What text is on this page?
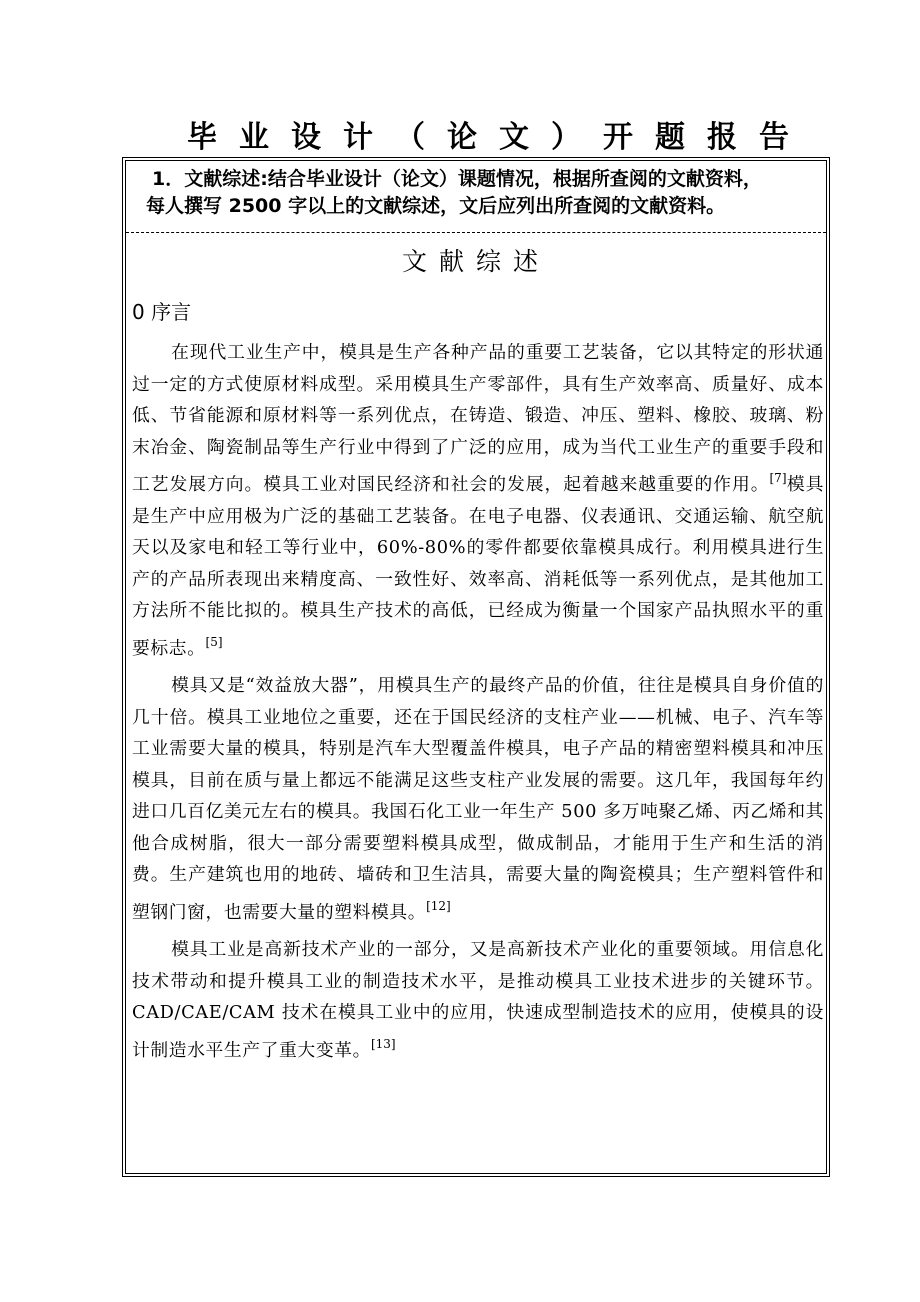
毕业设计（论文）开题报告
1．文献综述:结合毕业设计（论文）课题情况，根据所查阅的文献资料，
每人撰写 2500 字以上的文献综述，文后应列出所查阅的文献资料。
文献综述
0 序言

在现代工业生产中，模具是生产各种产品的重要工艺装备，它以其特定的形状通过一定的方式使原材料成型。采用模具生产零部件，具有生产效率高、质量好、成本低、节省能源和原材料等一系列优点，在铸造、锻造、冲压、塑料、橡胶、玻璃、粉末冶金、陶瓷制品等生产行业中得到了广泛的应用，成为当代工业生产的重要手段和工艺发展方向。模具工业对国民经济和社会的发展，起着越来越重要的作用。[7]模具是生产中应用极为广泛的基础工艺装备。在电子电器、仪表通讯、交通运输、航空航天以及家电和轻工等行业中，60%-80%的零件都要依靠模具成行。利用模具进行生产的产品所表现出来精度高、一致性好、效率高、消耗低等一系列优点，是其他加工方法所不能比拟的。模具生产技术的高低，已经成为衡量一个国家产品执照水平的重要标志。[5]

模具又是“效益放大器”，用模具生产的最终产品的价值，往往是模具自身价值的几十倍。模具工业地位之重要，还在于国民经济的支柱产业——机械、电子、汽车等工业需要大量的模具，特别是汽车大型覆盖件模具，电子产品的精密塑料模具和冲压模具，目前在质与量上都远不能满足这些支柱产业发展的需要。这几年，我国每年约进口几百亿美元左右的模具。我国石化工业一年生产 500 多万吨聚乙烯、丙乙烯和其他合成树脂，很大一部分需要塑料模具成型，做成制品，才能用于生产和生活的消费。生产建筑也用的地砖、墙砖和卫生洁具，需要大量的陶瓷模具；生产塑料管件和塑钢门窗，也需要大量的塑料模具。[12]

模具工业是高新技术产业的一部分，又是高新技术产业化的重要领域。用信息化技术带动和提升模具工业的制造技术水平，是推动模具工业技术进步的关键环节。CAD/CAE/CAM 技术在模具工业中的应用，快速成型制造技术的应用，使模具的设计制造水平生产了重大变革。[13]
